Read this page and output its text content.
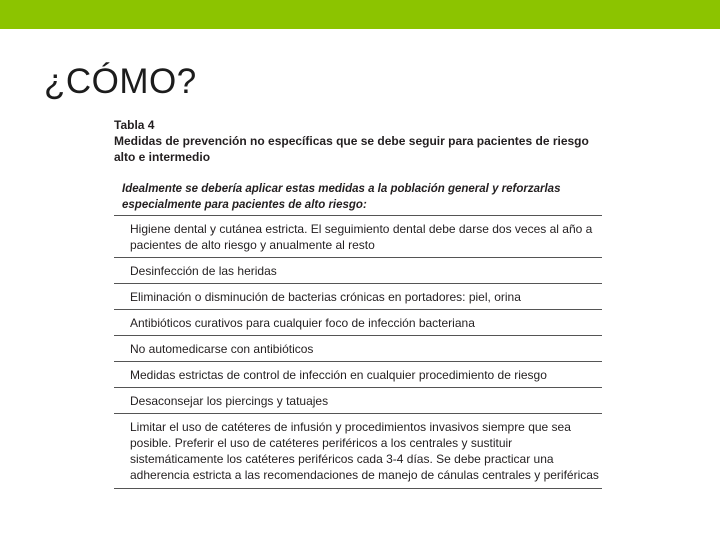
¿CÓMO?
Tabla 4
Medidas de prevención no específicas que se debe seguir para pacientes de riesgo alto e intermedio
Idealmente se debería aplicar estas medidas a la población general y reforzarlas especialmente para pacientes de alto riesgo:
Higiene dental y cutánea estricta. El seguimiento dental debe darse dos veces al año a pacientes de alto riesgo y anualmente al resto
Desinfección de las heridas
Eliminación o disminución de bacterias crónicas en portadores: piel, orina
Antibióticos curativos para cualquier foco de infección bacteriana
No automedicarse con antibióticos
Medidas estrictas de control de infección en cualquier procedimiento de riesgo
Desaconsejar los piercings y tatuajes
Limitar el uso de catéteres de infusión y procedimientos invasivos siempre que sea posible. Preferir el uso de catéteres periféricos a los centrales y sustituir sistemáticamente los catéteres periféricos cada 3-4 días. Se debe practicar una adherencia estricta a las recomendaciones de manejo de cánulas centrales y periféricas
